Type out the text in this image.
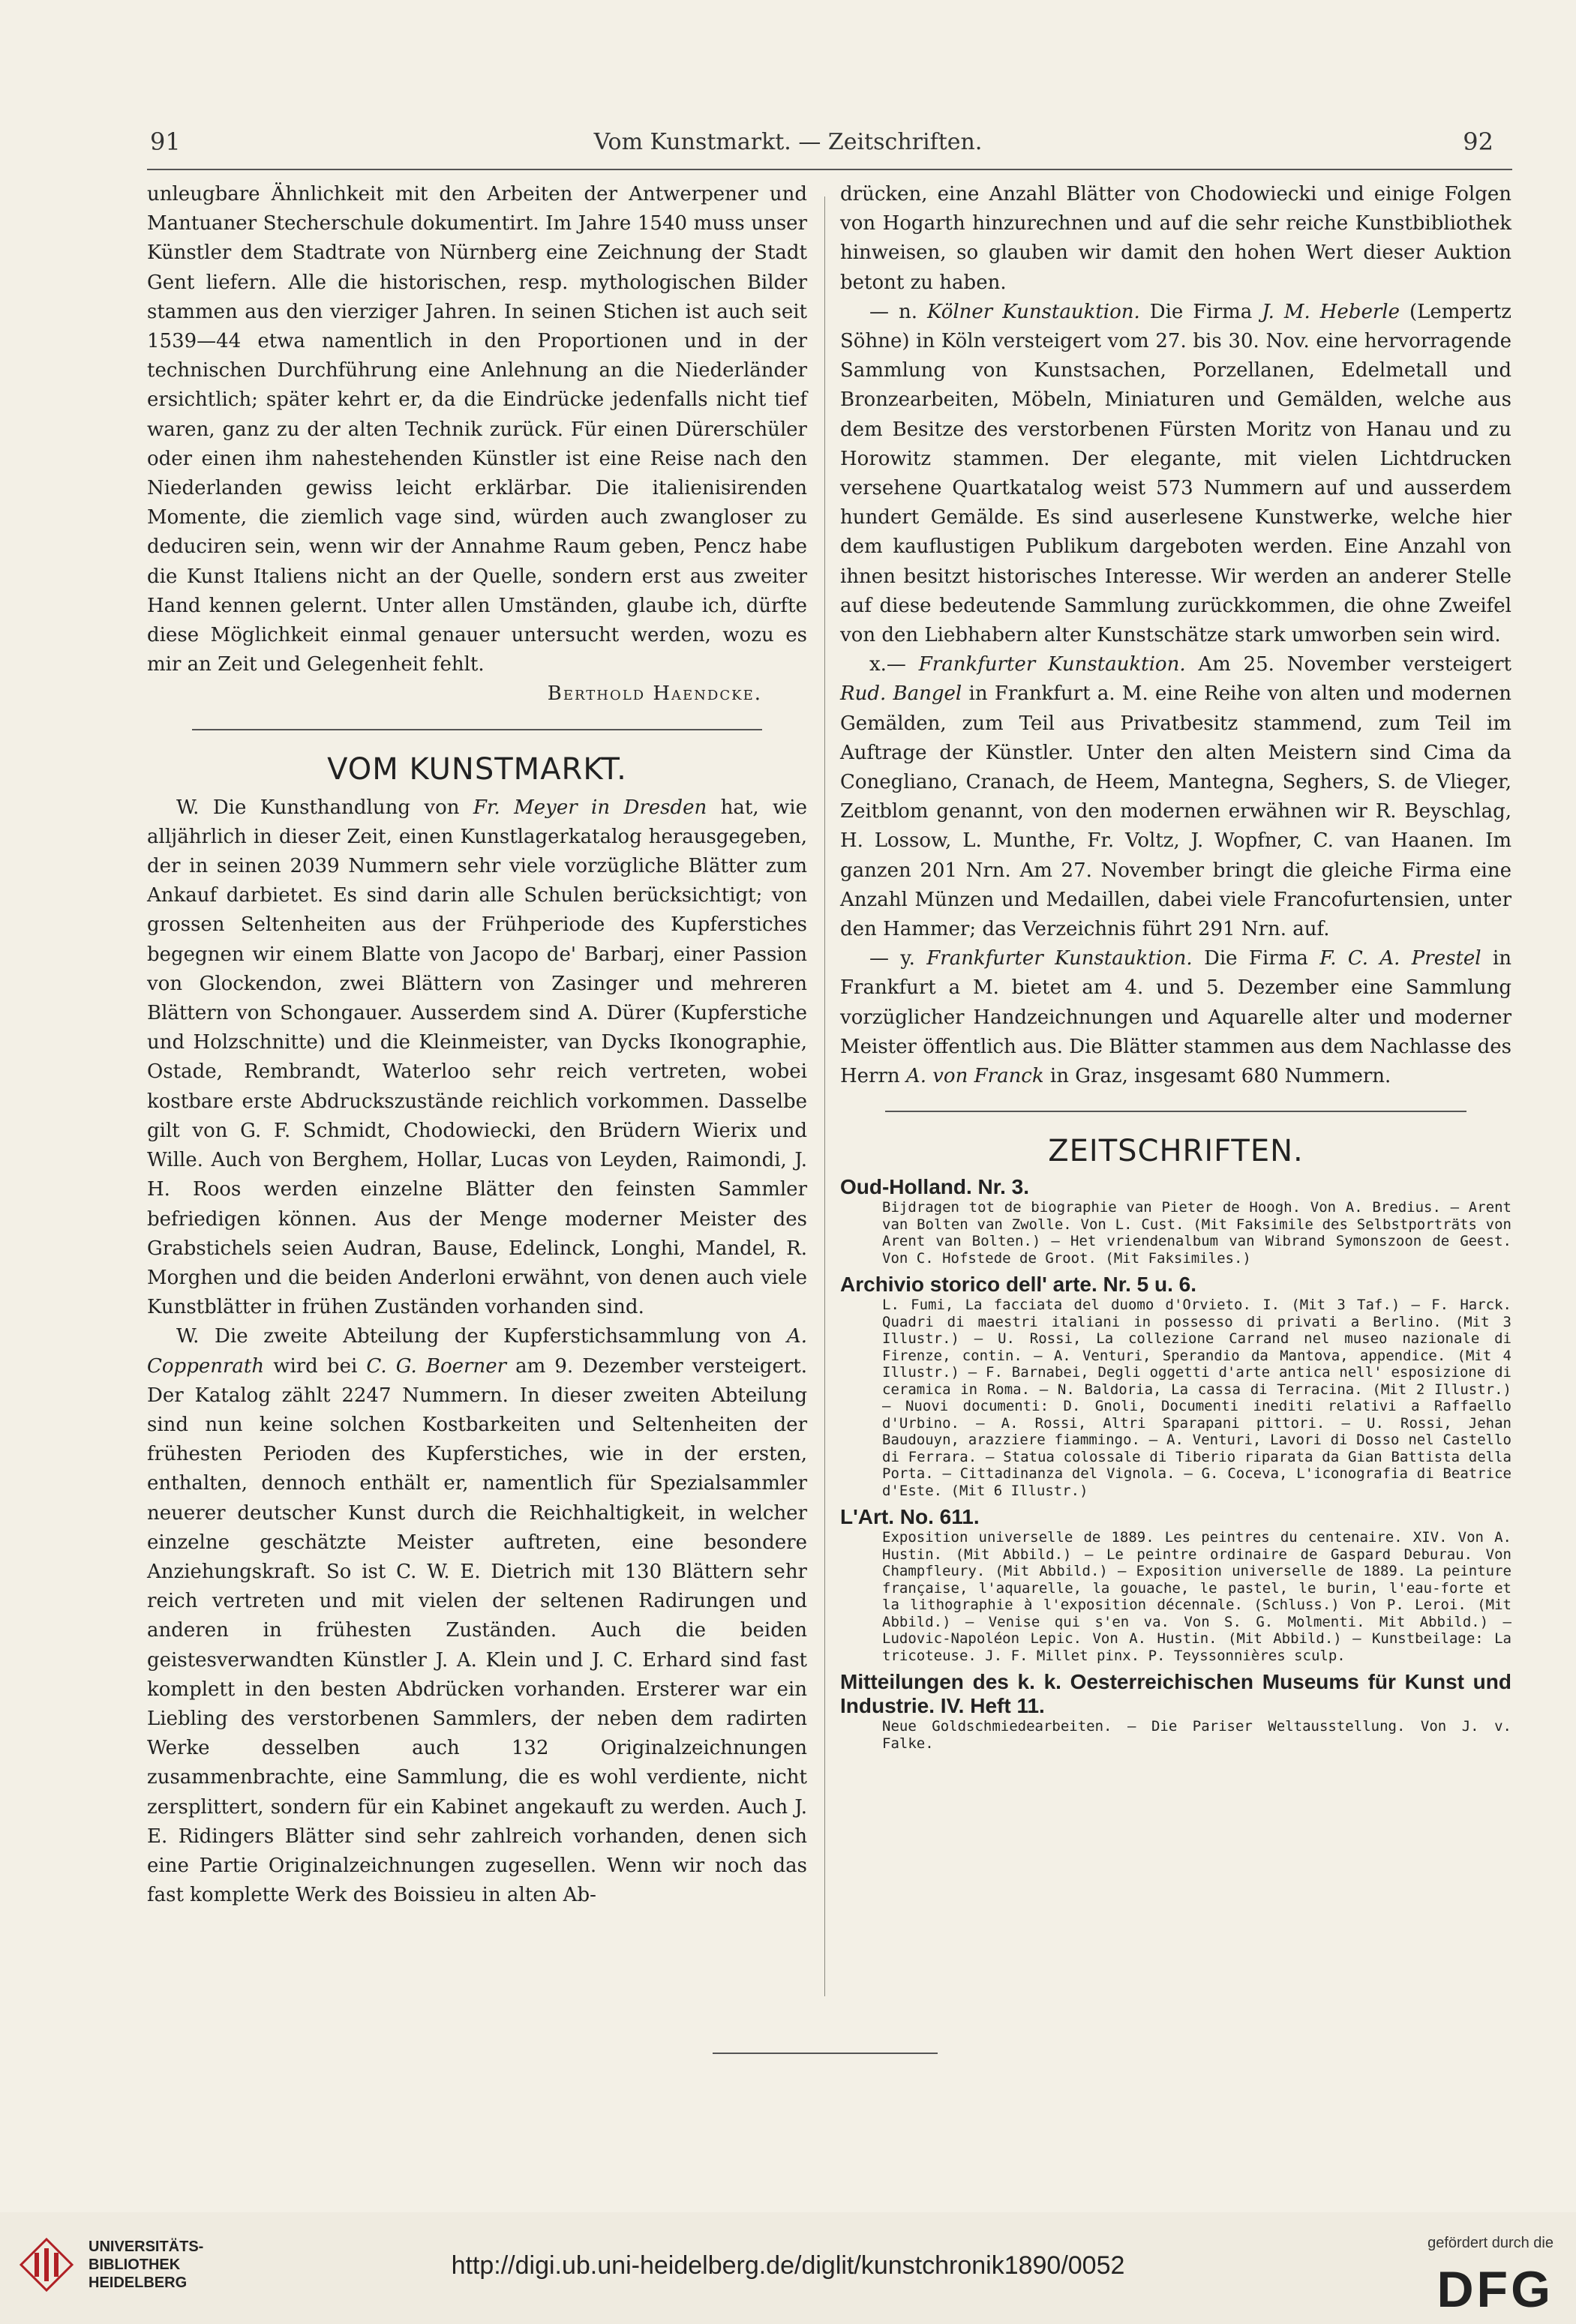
91	Vom Kunstmarkt. — Zeitschriften.	92

unleugbare Ähnlichkeit mit den Arbeiten der Antwerpener und Mantuaner Stecherschule dokumentirt. Im Jahre 1540 muss unser Künstler dem Stadtrate von Nürnberg eine Zeichnung der Stadt Gent liefern. Alle die historischen, resp. mythologischen Bilder stammen aus den vierziger Jahren. In seinen Stichen ist auch seit 1539—44 etwa namentlich in den Proportionen und in der technischen Durchführung eine Anlehnung an die Niederländer ersichtlich; später kehrt er, da die Eindrücke jedenfalls nicht tief waren, ganz zu der alten Technik zurück. Für einen Dürerschüler oder einen ihm nahestehenden Künstler ist eine Reise nach den Niederlanden gewiss leicht erklärbar. Die italienisirenden Momente, die ziemlich vage sind, würden auch zwangloser zu deduciren sein, wenn wir der Annahme Raum geben, Pencz habe die Kunst Italiens nicht an der Quelle, sondern erst aus zweiter Hand kennen gelernt. Unter allen Umständen, glaube ich, dürfte diese Möglichkeit einmal genauer untersucht werden, wozu es mir an Zeit und Gelegenheit fehlt.

Berthold Haendcke.

VOM KUNSTMARKT.

W. Die Kunsthandlung von Fr. Meyer in Dresden hat, wie alljährlich in dieser Zeit, einen Kunstlagerkatalog herausgegeben, der in seinen 2039 Nummern sehr viele vorzügliche Blätter zum Ankauf darbietet. Es sind darin alle Schulen berücksichtigt; von grossen Seltenheiten aus der Frühperiode des Kupferstiches begegnen wir einem Blatte von Jacopo de' Barbarj, einer Passion von Glockendon, zwei Blättern von Zasinger und mehreren Blättern von Schongauer. Ausserdem sind A. Dürer (Kupferstiche und Holzschnitte) und die Kleinmeister, van Dycks Ikonographie, Ostade, Rembrandt, Waterloo sehr reich vertreten, wobei kostbare erste Abdruckszustände reichlich vorkommen. Dasselbe gilt von G. F. Schmidt, Chodowiecki, den Brüdern Wierix und Wille. Auch von Berghem, Hollar, Lucas von Leyden, Raimondi, J. H. Roos werden einzelne Blätter den feinsten Sammler befriedigen können. Aus der Menge moderner Meister des Grabstichels seien Audran, Bause, Edelinck, Longhi, Mandel, R. Morghen und die beiden Anderloni erwähnt, von denen auch viele Kunstblätter in frühen Zuständen vorhanden sind.

W. Die zweite Abteilung der Kupferstichsammlung von A. Coppenrath wird bei C. G. Boerner am 9. Dezember versteigert. Der Katalog zählt 2247 Nummern. In dieser zweiten Abteilung sind nun keine solchen Kostbarkeiten und Seltenheiten der frühesten Perioden des Kupferstiches, wie in der ersten, enthalten, dennoch enthält er, namentlich für Spezialsammler neuerer deutscher Kunst durch die Reichhaltigkeit, in welcher einzelne geschätzte Meister auftreten, eine besondere Anziehungskraft. So ist C. W. E. Dietrich mit 130 Blättern sehr reich vertreten und mit vielen der seltenen Radirungen und anderen in frühesten Zuständen. Auch die beiden geistesverwandten Künstler J. A. Klein und J. C. Erhard sind fast komplett in den besten Abdrücken vorhanden. Ersterer war ein Liebling des verstorbenen Sammlers, der neben dem radirten Werke desselben auch 132 Originalzeichnungen zusammenbrachte, eine Sammlung, die es wohl verdiente, nicht zersplittert, sondern für ein Kabinet angekauft zu werden. Auch J. E. Ridingers Blätter sind sehr zahlreich vorhanden, denen sich eine Partie Originalzeichnungen zugesellen. Wenn wir noch das fast komplette Werk des Boissieu in alten Ab-

drücken, eine Anzahl Blätter von Chodowiecki und einige Folgen von Hogarth hinzurechnen und auf die sehr reiche Kunstbibliothek hinweisen, so glauben wir damit den hohen Wert dieser Auktion betont zu haben.

— n. Kölner Kunstauktion. Die Firma J. M. Heberle (Lempertz Söhne) in Köln versteigert vom 27. bis 30. Nov. eine hervorragende Sammlung von Kunstsachen, Porzellanen, Edelmetall und Bronzearbeiten, Möbeln, Miniaturen und Gemälden, welche aus dem Besitze des verstorbenen Fürsten Moritz von Hanau und zu Horowitz stammen. Der elegante, mit vielen Lichtdrucken versehene Quartkatalog weist 573 Nummern auf und ausserdem hundert Gemälde. Es sind auserlesene Kunstwerke, welche hier dem kauflustigen Publikum dargeboten werden. Eine Anzahl von ihnen besitzt historisches Interesse. Wir werden an anderer Stelle auf diese bedeutende Sammlung zurückkommen, die ohne Zweifel von den Liebhabern alter Kunstschätze stark umworben sein wird.

x.— Frankfurter Kunstauktion. Am 25. November versteigert Rud. Bangel in Frankfurt a. M. eine Reihe von alten und modernen Gemälden, zum Teil aus Privatbesitz stammend, zum Teil im Auftrage der Künstler. Unter den alten Meistern sind Cima da Conegliano, Cranach, de Heem, Mantegna, Seghers, S. de Vlieger, Zeitblom genannt, von den modernen erwähnen wir R. Beyschlag, H. Lossow, L. Munthe, Fr. Voltz, J. Wopfner, C. van Haanen. Im ganzen 201 Nrn. Am 27. November bringt die gleiche Firma eine Anzahl Münzen und Medaillen, dabei viele Francofurtensien, unter den Hammer; das Verzeichnis führt 291 Nrn. auf.

— y. Frankfurter Kunstauktion. Die Firma F. C. A. Prestel in Frankfurt a M. bietet am 4. und 5. Dezember eine Sammlung vorzüglicher Handzeichnungen und Aquarelle alter und moderner Meister öffentlich aus. Die Blätter stammen aus dem Nachlasse des Herrn A. von Franck in Graz, insgesamt 680 Nummern.

ZEITSCHRIFTEN.
Oud-Holland. Nr. 3.
Bijdragen tot de biographie van Pieter de Hoogh. Von A. Bredius. — Arent van Bolten van Zwolle. Von L. Cust. (Mit Faksimile des Selbstporträts von Arent van Bolten.) — Het vriendenalbum van Wibrand Symonszoon de Geest. Von C. Hofstede de Groot. (Mit Faksimiles.)
Archivio storico dell' arte. Nr. 5 u. 6.
L. Fumi, La facciata del duomo d'Orvieto. I. (Mit 3 Taf.) — F. Harck. Quadri di maestri italiani in possesso di privati a Berlino. (Mit 3 Illustr.) — U. Rossi, La collezione Carrand nel museo nazionale di Firenze, contin. — A. Venturi, Sperandio da Mantova, appendice. (Mit 4 Illustr.) — F. Barnabei, Degli oggetti d'arte antica nell' esposizione di ceramica in Roma. — N. Baldoria, La cassa di Terracina. (Mit 2 Illustr.) — Nuovi documenti: D. Gnoli, Documenti inediti relativi a Raffaello d'Urbino. — A. Rossi, Altri Sparapani pittori. — U. Rossi, Jehan Baudouyn, arazziere fiammingo. — A. Venturi, Lavori di Dosso nel Castello di Ferrara. — Statua colossale di Tiberio riparata da Gian Battista della Porta. — Cittadinanza del Vignola. — G. Coceva, L'iconografia di Beatrice d'Este. (Mit 6 Illustr.)
L'Art. No. 611.
Exposition universelle de 1889. Les peintres du centenaire. XIV. Von A. Hustin. (Mit Abbild.) — Le peintre ordinaire de Gaspard Deburau. Von Champfleury. (Mit Abbild.) — Exposition universelle de 1889. La peinture française, l'aquarelle, la gouache, le pastel, le burin, l'eau-forte et la lithographie à l'exposition décennale. (Schluss.) Von P. Leroi. (Mit Abbild.) — Venise qui s'en va. Von S. G. Molmenti. Mit Abbild.) — Ludovic-Napoléon Lepic. Von A. Hustin. (Mit Abbild.) — Kunstbeilage: La tricoteuse. J. F. Millet pinx. P. Teyssonnières sculp.
Mitteilungen des k. k. Oesterreichischen Museums für Kunst und Industrie. IV. Heft 11.
Neue Goldschmiedearbeiten. — Die Pariser Weltausstellung. Von J. v. Falke.
UNIVERSITÄTS-
BIBLIOTHEK
HEIDELBERG
http://digi.ub.uni-heidelberg.de/diglit/kunstchronik1890/0052
gefördert durch die
DFG
